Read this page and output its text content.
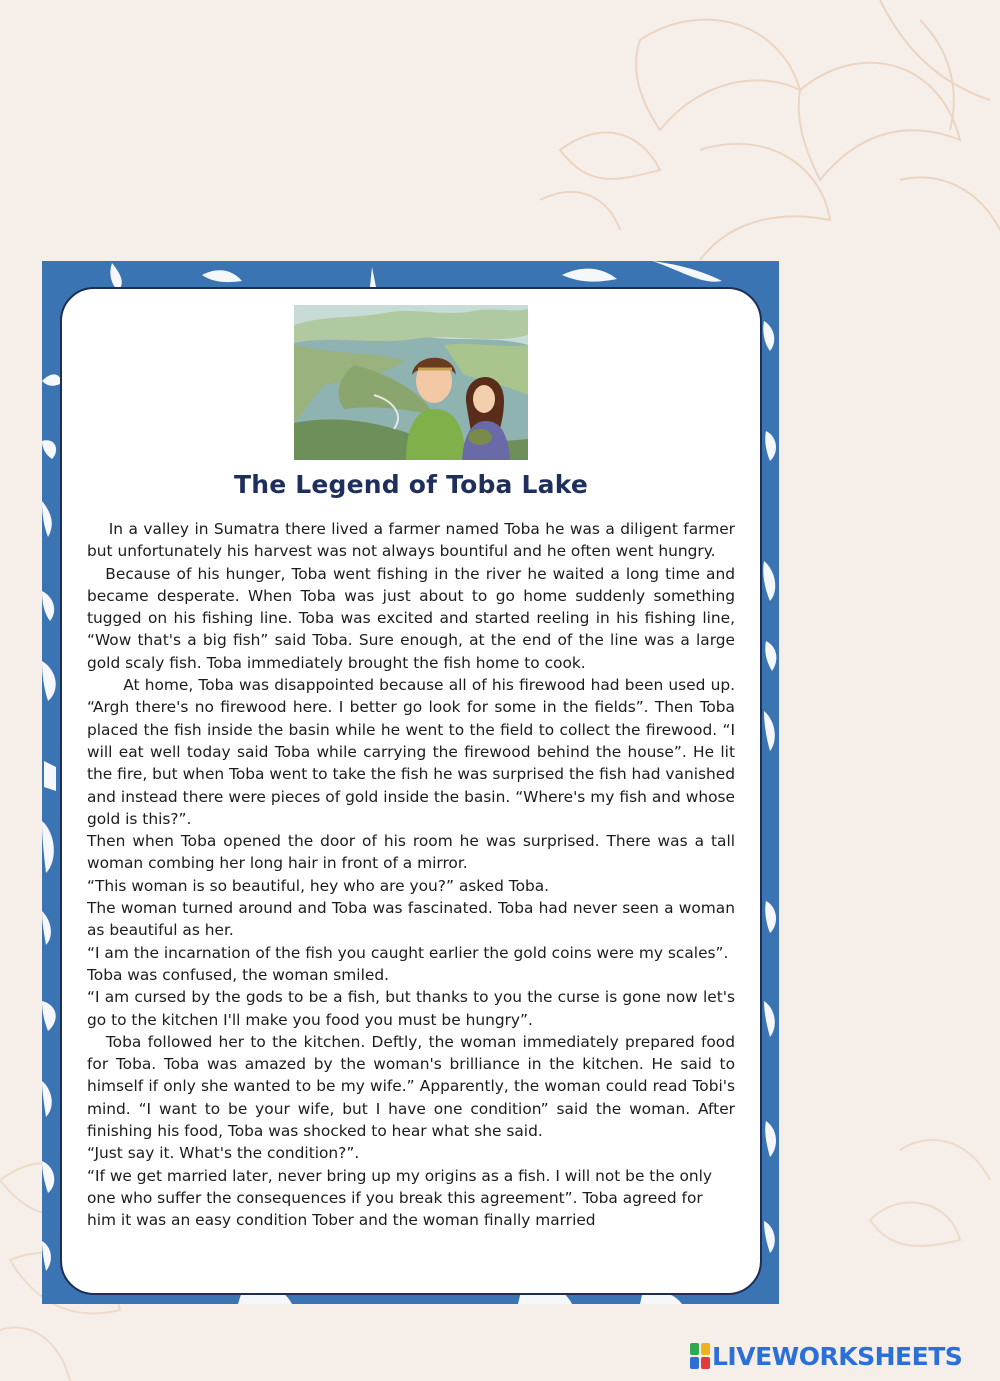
The Legend of Toba Lake

In a valley in Sumatra there lived a farmer named Toba he was a diligent farmer but unfortunately his harvest was not always bountiful and he often went hungry.

Because of his hunger, Toba went fishing in the river he waited a long time and became desperate. When Toba was just about to go home suddenly something tugged on his fishing line. Toba was excited and started reeling in his fishing line, “Wow that's a big fish” said Toba. Sure enough, at the end of the line was a large gold scaly fish. Toba immediately brought the fish home to cook.

At home, Toba was disappointed because all of his firewood had been used up. “Argh there's no firewood here. I better go look for some in the fields”. Then Toba placed the fish inside the basin while he went to the field to collect the firewood. “I will eat well today said Toba while carrying the firewood behind the house”. He lit the fire, but when Toba went to take the fish he was surprised the fish had vanished and instead there were pieces of gold inside the basin. “Where's my fish and whose gold is this?”.

Then when Toba opened the door of his room he was surprised. There was a tall woman combing her long hair in front of a mirror.

“This woman is so beautiful, hey who are you?” asked Toba.

The woman turned around and Toba was fascinated. Toba had never seen a woman as beautiful as her.

“I am the incarnation of the fish you caught earlier the gold coins were my scales”.

Toba was confused, the woman smiled.

“I am cursed by the gods to be a fish, but thanks to you the curse is gone now let's go to the kitchen I'll make you food you must be hungry”.

Toba followed her to the kitchen. Deftly, the woman immediately prepared food for Toba. Toba was amazed by the woman's brilliance in the kitchen. He said to himself if only she wanted to be my wife.” Apparently, the woman could read Tobi's mind. “I want to be your wife, but I have one condition” said the woman. After finishing his food, Toba was shocked to hear what she said.

“Just say it. What's the condition?”.

“If we get married later, never bring up my origins as a fish. I will not be the only one who suffer the consequences if you break this agreement”. Toba agreed for him it was an easy condition Tober and the woman finally married

LIVEWORKSHEETS
